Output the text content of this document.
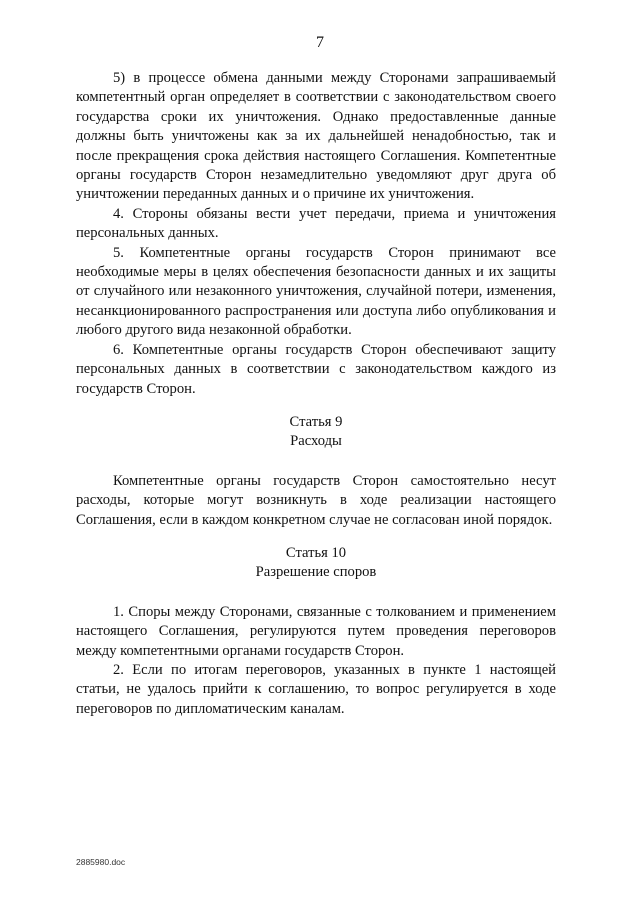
7

5) в процессе обмена данными между Сторонами запрашиваемый компетентный орган определяет в соответствии с законодательством своего государства сроки их уничтожения. Однако предоставленные данные должны быть уничтожены как за их дальнейшей ненадобностью, так и после прекращения срока действия настоящего Соглашения. Компетентные органы государств Сторон незамедлительно уведомляют друг друга об уничтожении переданных данных и о причине их уничтожения.

4. Стороны обязаны вести учет передачи, приема и уничтожения персональных данных.

5. Компетентные органы государств Сторон принимают все необходимые меры в целях обеспечения безопасности данных и их защиты от случайного или незаконного уничтожения, случайной потери, изменения, несанкционированного распространения или доступа либо опубликования и любого другого вида незаконной обработки.

6. Компетентные органы государств Сторон обеспечивают защиту персональных данных в соответствии с законодательством каждого из государств Сторон.

Статья 9
Расходы

Компетентные органы государств Сторон самостоятельно несут расходы, которые могут возникнуть в ходе реализации настоящего Соглашения, если в каждом конкретном случае не согласован иной порядок.

Статья 10
Разрешение споров

1. Споры между Сторонами, связанные с толкованием и применением настоящего Соглашения, регулируются путем проведения переговоров между компетентными органами государств Сторон.

2. Если по итогам переговоров, указанных в пункте 1 настоящей статьи, не удалось прийти к соглашению, то вопрос регулируется в ходе переговоров по дипломатическим каналам.

2885980.doc
